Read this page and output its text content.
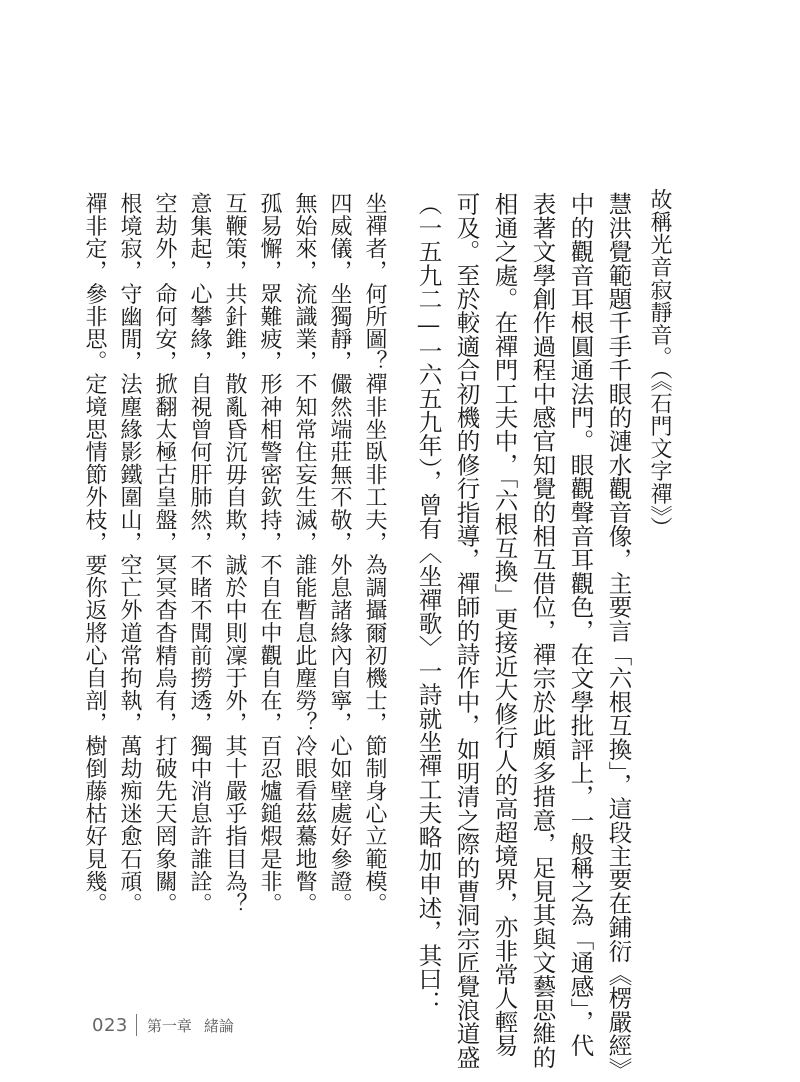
故稱光音寂靜音。（《石門文字禪》）
慧洪覺範題千手千眼的漣水觀音像，主要言「六根互換」，這段主要在鋪衍《楞嚴經》
中的觀音耳根圓通法門。眼觀聲音耳觀色，在文學批評上，一般稱之為「通感」，代
表著文學創作過程中感官知覺的相互借位，禪宗於此頗多措意，足見其與文藝思維的
相通之處。在禪門工夫中，「六根互換」更接近大修行人的高超境界，亦非常人輕易
可及。至於較適合初機的修行指導，禪師的詩作中，如明清之際的曹洞宗匠覺浪道盛
（一五九二—一六五九年），曾有〈坐禪歌〉一詩就坐禪工夫略加申述，其曰：
坐禪者，何所圖？禪非坐臥非工夫，為調攝爾初機士，節制身心立範模。
四威儀，坐獨靜，儼然端莊無不敬，外息諸緣內自寧，心如壁處好參證。
無始來，流識業，不知常住妄生滅，誰能暫息此塵勞？冷眼看茲驀地瞥。
孤易懈，眾難疲，形神相警密欽持，不自在中觀自在，百忍爐鎚煆是非。
互鞭策，共針錐，散亂昏沉毋自欺，誠於中則凜于外，其十嚴乎指目為？
意集起，心攀緣，自視曾何肝肺然，不睹不聞前撈透，獨中消息許誰詮。
空劫外，命何安，掀翻太極古皇盤，冥冥杳杳精烏有，打破先天罔象關。
根境寂，守幽閒，法塵緣影鐵圍山，空亡外道常拘執，萬劫痴迷愈石頑。
禪非定，參非思。定境思情節外枝，要你返將心自剖，樹倒藤枯好見幾。
023 第一章 緒論
